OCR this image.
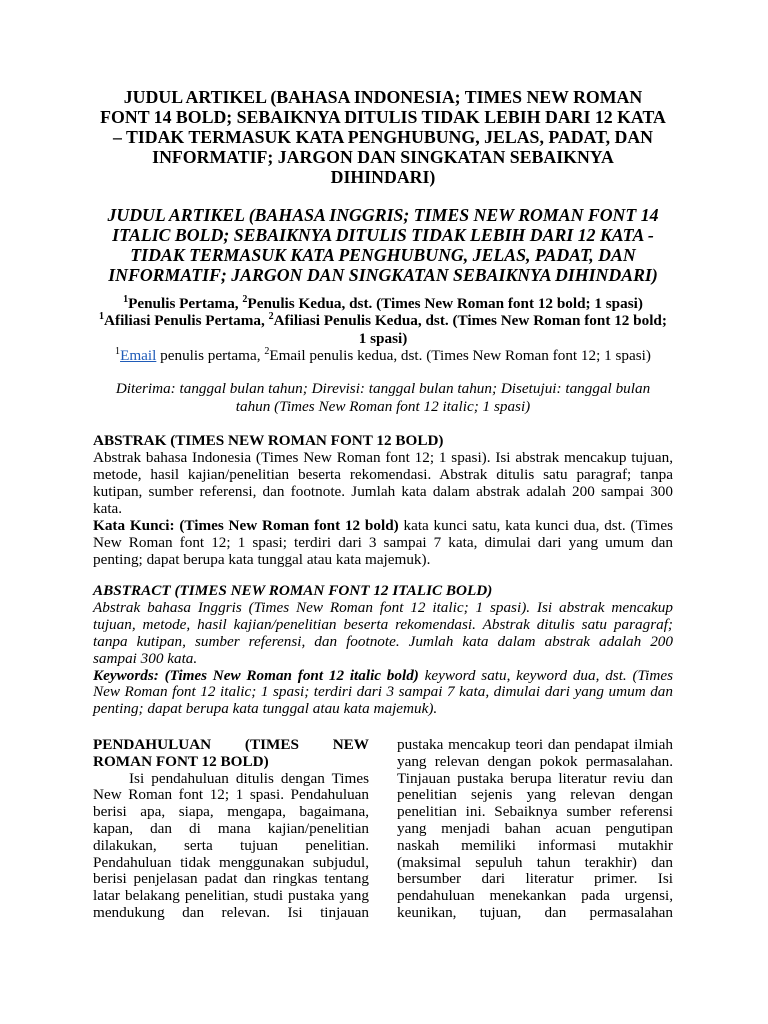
JUDUL ARTIKEL (BAHASA INDONESIA; TIMES NEW ROMAN
FONT 14 BOLD; SEBAIKNYA DITULIS TIDAK LEBIH DARI 12 KATA
– TIDAK TERMASUK KATA PENGHUBUNG, JELAS, PADAT, DAN
INFORMATIF; JARGON DAN SINGKATAN SEBAIKNYA
DIHINDARI)
JUDUL ARTIKEL (BAHASA INGGRIS; TIMES NEW ROMAN FONT 14
ITALIC BOLD; SEBAIKNYA DITULIS TIDAK LEBIH DARI 12 KATA -
TIDAK TERMASUK KATA PENGHUBUNG, JELAS, PADAT, DAN
INFORMATIF; JARGON DAN SINGKATAN SEBAIKNYA DIHINDARI)
$^1$Penulis Pertama, $^2$Penulis Kedua, dst. (Times New Roman font 12 bold; 1 spasi)
$^1$Afiliasi Penulis Pertama, $^2$Afiliasi Penulis Kedua, dst. (Times New Roman font 12 bold;
1 spasi)
$^1$Email penulis pertama, $^2$Email penulis kedua, dst. (Times New Roman font 12; 1 spasi)
Diterima: tanggal bulan tahun; Direvisi: tanggal bulan tahun; Disetujui: tanggal bulan
tahun (Times New Roman font 12 italic; 1 spasi)
ABSTRAK (TIMES NEW ROMAN FONT 12 BOLD)
Abstrak bahasa Indonesia (Times New Roman font 12; 1 spasi). Isi abstrak mencakup tujuan,
metode, hasil kajian/penelitian beserta rekomendasi. Abstrak ditulis satu paragraf; tanpa
kutipan, sumber referensi, dan footnote. Jumlah kata dalam abstrak adalah 200 sampai 300
kata.
Kata Kunci: (Times New Roman font 12 bold) kata kunci satu, kata kunci dua, dst. (Times
New Roman font 12; 1 spasi; terdiri dari 3 sampai 7 kata, dimulai dari yang umum dan
penting; dapat berupa kata tunggal atau kata majemuk).
ABSTRACT (TIMES NEW ROMAN FONT 12 ITALIC BOLD)
Abstrak bahasa Inggris (Times New Roman font 12 italic; 1 spasi). Isi abstrak mencakup
tujuan, metode, hasil kajian/penelitian beserta rekomendasi. Abstrak ditulis satu paragraf;
tanpa kutipan, sumber referensi, dan footnote. Jumlah kata dalam abstrak adalah 200
sampai 300 kata.
Keywords: (Times New Roman font 12 italic bold) keyword satu, keyword dua, dst. (Times
New Roman font 12 italic; 1 spasi; terdiri dari 3 sampai 7 kata, dimulai dari yang umum dan
penting; dapat berupa kata tunggal atau kata majemuk).
PENDAHULUAN (TIMES NEW
ROMAN FONT 12 BOLD)
Isi pendahuluan ditulis dengan Times
New Roman font 12; 1 spasi. Pendahuluan
berisi apa, siapa, mengapa, bagaimana,
kapan, dan di mana kajian/penelitian
dilakukan, serta tujuan penelitian.
Pendahuluan tidak menggunakan subjudul,
berisi penjelasan padat dan ringkas tentang
latar belakang penelitian, studi pustaka yang
mendukung dan relevan. Isi tinjauan
pustaka mencakup teori dan pendapat ilmiah
yang relevan dengan pokok permasalahan.
Tinjauan pustaka berupa literatur reviu dan
penelitian sejenis yang relevan dengan
penelitian ini. Sebaiknya sumber referensi
yang menjadi bahan acuan pengutipan
naskah memiliki informasi mutakhir
(maksimal sepuluh tahun terakhir) dan
bersumber dari literatur primer. Isi
pendahuluan menekankan pada urgensi,
keunikan, tujuan, dan permasalahan
